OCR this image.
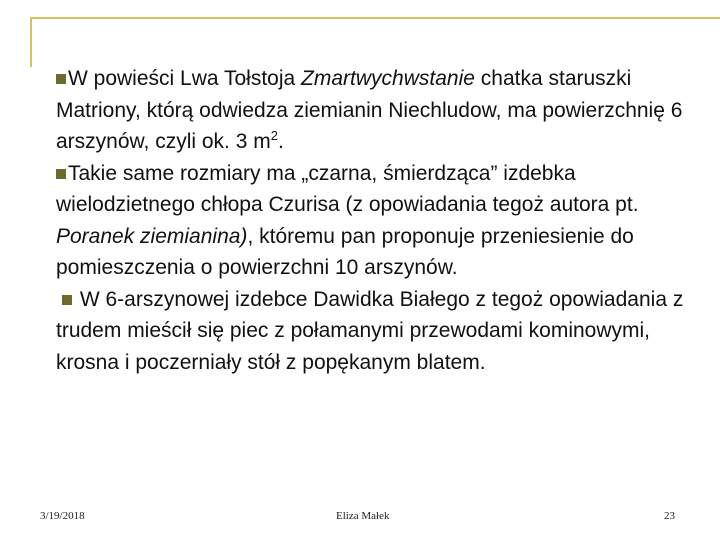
W powieści Lwa Tołstoja Zmartwychwstanie chatka staruszki Matriony, którą odwiedza ziemianin Niechludow, ma powierzchnię 6 arszynów, czyli ok. 3 $m^2$.

Takie same rozmiary ma „czarna, śmierdząca” izdebka wielodzietnego chłopa Czurisa (z opowiadania tegoż autora pt. Poranek ziemianina), któremu pan proponuje przeniesienie do pomieszczenia o powierzchni 10 arszynów.

W 6-arszynowej izdebce Dawidka Białego z tegoż opowiadania z trudem mieścił się piec z połamanymi przewodami kominowymi, krosna i poczerniały stół z popękanym blatem.

3/19/2018	Eliza Małek	23
